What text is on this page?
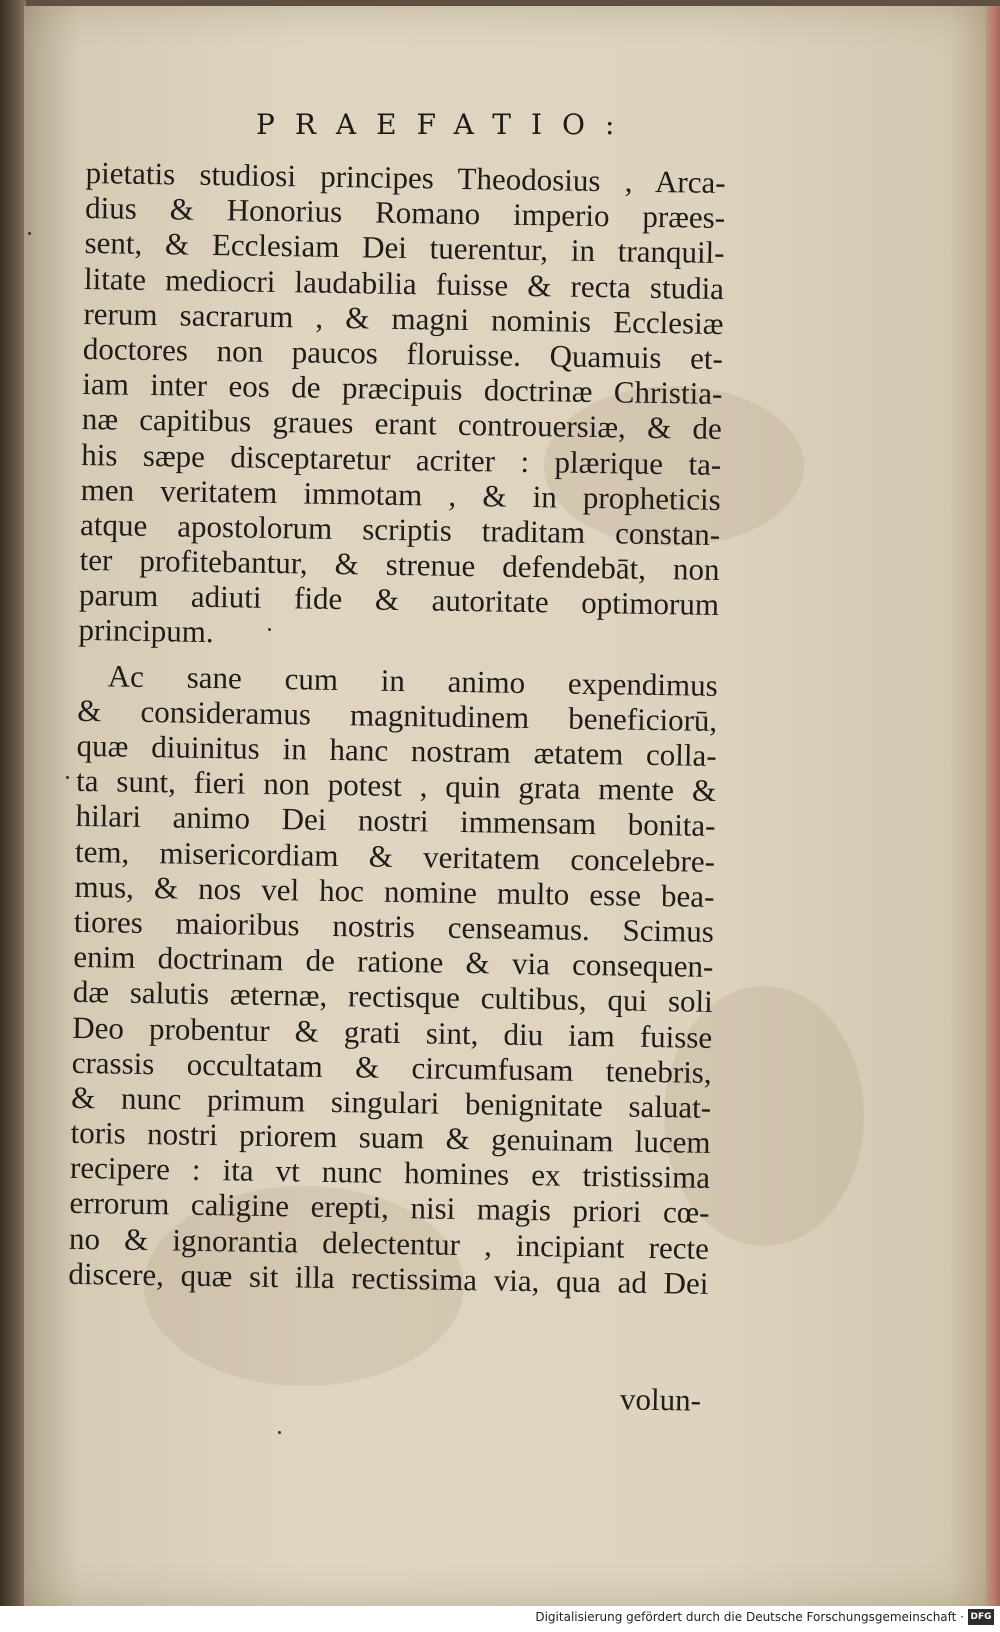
PRAEFATIO:
pietatis studiosi principes Theodosius , Arca-
dius & Honorius Romano imperio præes-
sent, & Ecclesiam Dei tuerentur, in tranquil-
litate mediocri laudabilia fuisse & recta studia
rerum sacrarum , & magni nominis Ecclesiæ
doctores non paucos floruisse. Quamuis et-
iam inter eos de præcipuis doctrinæ Christia-
næ capitibus graues erant controuersiæ, & de
his sæpe disceptaretur acriter : plærique ta-
men veritatem immotam , & in propheticis
atque apostolorum scriptis traditam constan-
ter profitebantur, & strenue defendebāt, non
parum adiuti fide & autoritate optimorum
principum.
Ac sane cum in animo expendimus
& consideramus magnitudinem beneficiorū,
quæ diuinitus in hanc nostram ætatem colla-
ta sunt, fieri non potest , quin grata mente &
hilari animo Dei nostri immensam bonita-
tem, misericordiam & veritatem concelebre-
mus, & nos vel hoc nomine multo esse bea-
tiores maioribus nostris censeamus. Scimus
enim doctrinam de ratione & via consequen-
dæ salutis æternæ, rectisque cultibus, qui soli
Deo probentur & grati sint, diu iam fuisse
crassis occultatam & circumfusam tenebris,
& nunc primum singulari benignitate saluat-
toris nostri priorem suam & genuinam lucem
recipere : ita vt nunc homines ex tristissima
errorum caligine erepti, nisi magis priori cœ-
no & ignorantia delectentur , incipiant recte
discere, quæ sit illa rectissima via, qua ad Dei
volun-
Digitalisierung gefördert durch die Deutsche Forschungsgemeinschaft · DFG
